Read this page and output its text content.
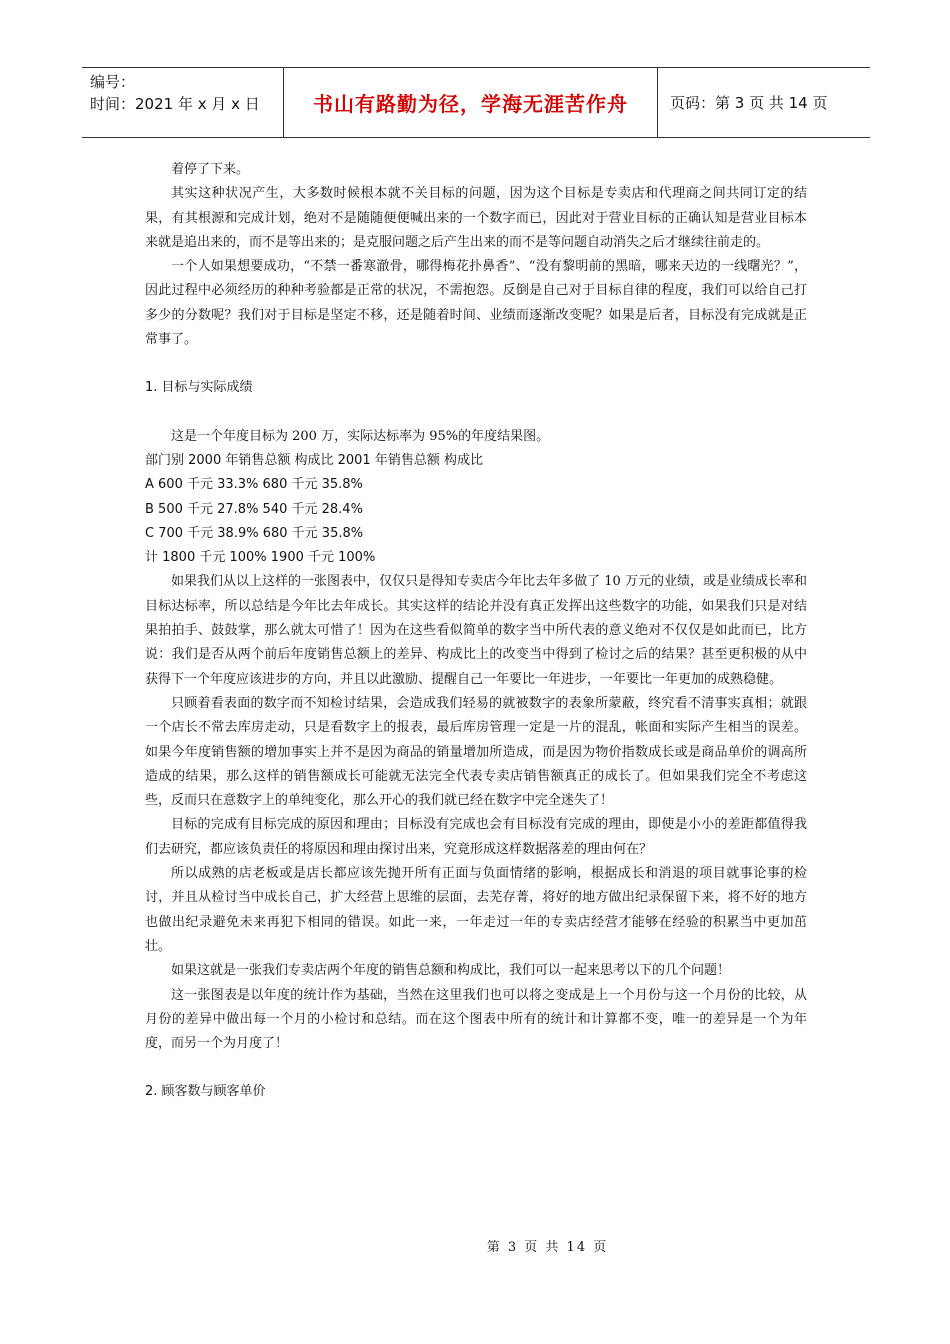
编号：
时间：2021 年 x 月 x 日	书山有路勤为径，学海无涯苦作舟	页码：第 3 页 共 14 页

着停了下来。

其实这种状况产生，大多数时候根本就不关目标的问题，因为这个目标是专卖店和代理商之间共同订定的结果，有其根源和完成计划，绝对不是随随便便喊出来的一个数字而已，因此对于营业目标的正确认知是营业目标本来就是追出来的，而不是等出来的；是克服问题之后产生出来的而不是等问题自动消失之后才继续往前走的。

一个人如果想要成功，“不禁一番寒澈骨，哪得梅花扑鼻香”、“没有黎明前的黑暗，哪来天边的一线曙光？”，因此过程中必须经历的种种考验都是正常的状况，不需抱怨。反倒是自己对于目标自律的程度，我们可以给自己打多少的分数呢？我们对于目标是坚定不移，还是随着时间、业绩而逐渐改变呢？如果是后者，目标没有完成就是正常事了。

1. 目标与实际成绩

这是一个年度目标为 200 万，实际达标率为 95%的年度结果图。

部门别 2000 年销售总额 构成比 2001 年销售总额 构成比

A 600 千元 33.3% 680 千元 35.8%

B 500 千元 27.8% 540 千元 28.4%

C 700 千元 38.9% 680 千元 35.8%

计 1800 千元 100% 1900 千元 100%

如果我们从以上这样的一张图表中，仅仅只是得知专卖店今年比去年多做了 10 万元的业绩，或是业绩成长率和目标达标率，所以总结是今年比去年成长。其实这样的结论并没有真正发挥出这些数字的功能，如果我们只是对结果拍拍手、鼓鼓掌，那么就太可惜了！因为在这些看似简单的数字当中所代表的意义绝对不仅仅是如此而已，比方说：我们是否从两个前后年度销售总额上的差异、构成比上的改变当中得到了检讨之后的结果？甚至更积极的从中获得下一个年度应该进步的方向，并且以此激励、提醒自己一年要比一年进步，一年要比一年更加的成熟稳健。

只顾着看表面的数字而不知检讨结果，会造成我们轻易的就被数字的表象所蒙蔽，终究看不清事实真相；就跟一个店长不常去库房走动，只是看数字上的报表，最后库房管理一定是一片的混乱，帐面和实际产生相当的误差。如果今年度销售额的增加事实上并不是因为商品的销量增加所造成，而是因为物价指数成长或是商品单价的调高所造成的结果，那么这样的销售额成长可能就无法完全代表专卖店销售额真正的成长了。但如果我们完全不考虑这些，反而只在意数字上的单纯变化，那么开心的我们就已经在数字中完全迷失了！

目标的完成有目标完成的原因和理由；目标没有完成也会有目标没有完成的理由，即使是小小的差距都值得我们去研究，都应该负责任的将原因和理由探讨出来，究竟形成这样数据落差的理由何在？

所以成熟的店老板或是店长都应该先抛开所有正面与负面情绪的影响，根据成长和消退的项目就事论事的检讨，并且从检讨当中成长自己，扩大经营上思维的层面，去芜存菁，将好的地方做出纪录保留下来，将不好的地方也做出纪录避免未来再犯下相同的错误。如此一来，一年走过一年的专卖店经营才能够在经验的积累当中更加茁壮。

如果这就是一张我们专卖店两个年度的销售总额和构成比，我们可以一起来思考以下的几个问题！

这一张图表是以年度的统计作为基础，当然在这里我们也可以将之变成是上一个月份与这一个月份的比较，从月份的差异中做出每一个月的小检讨和总结。而在这个图表中所有的统计和计算都不变，唯一的差异是一个为年度，而另一个为月度了！

2. 顾客数与顾客单价

第 3 页 共 14 页
